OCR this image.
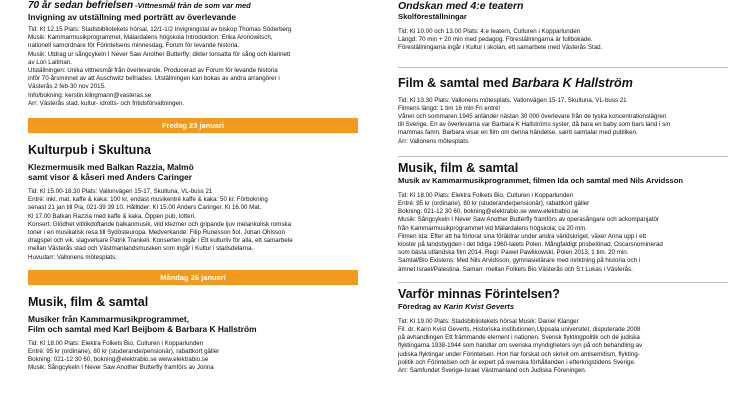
70 år sedan befrielsen -Vittnesmål från de som var med

Invigning av utställning med porträtt av överlevande

Tid: Kl 12.15 Plats: Stadsbibliotekets hörsal, 12/1-1/2 Invigningstal av biskop Thomas Söderberg

Musik: Kammarmusikprogrammet, Mälardalens högskola Introduktion: Erika Aronowitsch,

nationell samordnare för Förintelsens minnesdag, Forum för levande historia.

Musik: Utdrag ur sångcykeln I Never Saw Another Butterfly; dikter tonsatta för sång och klarinett

av Lori Laitman.

Utställningen: Unika vittnesmål från överlevande. Producerad av Forum för levande historia

inför 70-årsminnet av att Auschwitz befriades. Utställningen kan bokas av andra arrangörer i

Västerås 2 feb-30 nov 2015.

Info/bokning: kerstin.kilngmann@vasteras.se

Arr: Västerås stad, kultur- idrotts- och fritidsförvaltningen.

Fredag 23 januari

Kulturpub i Skultuna

Klezmermusik med Balkan Razzia, Malmö

samt visor & kåseri med Anders Caringer

Tid: Kl 15.00-18.30 Plats: Vallonvägen 15-17, Skultuna, VL-buss 21

Entré: inkl. mat, kaffe & kaka: 100 kr, endast musikentré kaffe & kaka: 50 kr. Förbokning

senast 21 jan till Pia, 021-39 39 10. Hålltider: Kl 15.00 Anders Caringer. Kl 16.00 Mat.

Kl 17.00 Balkan Razzia med kaffe & kaka. Öppen pub, lotteri.

Konsert: Glödhet vitlökdoftande balkanmusik, vild klezmer och gripande ljuv melankolisk romska

toner i en musikalisk resa till Sydösteuropa. Medverkande: Filip Runesson fiol, Johan Ohlsson

dragspel och vik. slagverkare Patrik Trankell. Konserten ingår i Ett kulturliv för alla, ett samarbete

mellan Västerås stad och Västmanlandsmusiken som ingår i Kultur i stadsdelarna.

Huvudarr: Vallonens mötesplats.

Måndag 26 januari

Musik, film & samtal

Musiker från Kammarmusikprogrammet,

Film och samtal med Karl Beijbom & Barbara K Hallström

Tid: Kl 18.00 Plats: Elektra Folkets Bio, Culturen i Kopparlunden

Entré: 95 kr (ordinarie), 80 kr (studerande/pensionär), rabattkort gäller

Bokning: 021-12 30 60, bokning@elektrabio.se www.elektrabio.se

Musik: Sångcykeln I Never Saw Another Butterfly framförs av Jonna

Ondskan med 4:e teatern

Skolföreställningar

Tid: Kl 10.00 och 13.00 Plats: 4:e teatern, Culturen i Kopparlunden

Längd: 70 min + 20 min med pedagog. Föreställningarna är fullbokade.

Föreställningarna ingår i Kultur i skolan, ett samarbete med Västerås Stad.

Film & samtal med Barbara K Hallström

Tid: Kl 13.30 Plats: Vallonens mötesplats, Vallonvägen 15-17, Skultuna, VL-buss 21

Filmens längd: 1 tim 16 min Fri entré!

Våren och sommaren 1945 anländer nästan 30 000 överlevare från de tyska koncentrationslägren

till Sverige. En av överlevarna var Barbara K Hallströms syster, då bara en baby som bars land i sin

mammas famn. Barbara visar en film om denna händelse, samt samtalar med publiken.

Arr: Vallonens mötesplats.

Musik, film & samtal

Musik av Kammarmusikprogrammet, filmen Ida och samtal med Nils Arvidsson

Tid: Kl 18.00 Plats: Elektra Folkets Bio, Culturen i Kopparlunden

Entré: 95 kr (ordinarie), 80 kr (studerande/pensionär), rabattkort gäller

Bokning: 021-12 30 60, bokning@elektrabio.se www.elektrabio.se

Musik: Sångcykeln I Never Saw Another Butterfly framförs av operasångare och ackompanjatör

från Kammarmusikprogrammet vid Mälardalens högskola; ca 20 min.

Filmen Ida: Efter att ha förlorat sina föräldrar under andra världskriget, växer Anna upp i ett

kloster på landsbygden i det tidiga 1960-talets Polen. Mångfaldigt prisbelönad. Oscarsnominerad

som bästa utländska film 2014. Regi: Pawel Pawlikowski, Polen 2013, 1 tim. 20 min.

Samtal/Bio Existens: Med Nils Arvidsson, gymnasielärare med inriktning på historia och i

ämnet Israel/Palestina. Samarr. mellan Folkets Bio Västerås och S:t Lukas i Västerås.

Varför minnas Förintelsen?

Föredrag av Karin Kvist Geverts

Tid: Kl 19.00 Plats: Stadsbibliotekets hörsal Musik: Daniel Klanger

Fil. dr. Karin Kvist Geverts, Historiska institutionen,Uppsala universitet, disputerade 2008

på avhandlingen Ett främmande element i nationen. Svensk flyktingpolitik och de judiska

flyktingarna 1938-1944 som handlar om svenska myndigheters syn på och behandling av

judiska flyktingar under Förintelsen. Hon har forskat och skrivit om antisemitism, flykting-

politik och Förintelsen och är expert på svenska förhållanden i efterkrigstidens Sverige.

Arr: Samfundet Sverige-Israel Västmanland och Judiska Föreningen.
